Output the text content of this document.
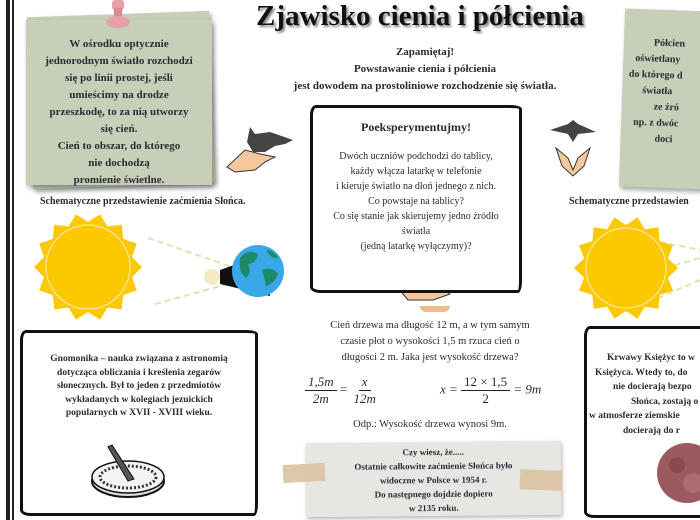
Zjawisko cienia i półcienia
W ośrodku optycznie
jednorodnym światło rozchodzi
się po linii prostej, jeśli
umieścimy na drodze
przeszkodę, to za nią utworzy
się cień.
Cień to obszar, do którego
nie dochodzą
promienie świetlne.
Półcien
oświetlany
do którego d
światła
ze źró
np. z dwóc
doci
Zapamiętaj!
Powstawanie cienia i półcienia
jest dowodem na prostoliniowe rozchodzenie się światła.
Poeksperymentujmy!
Dwóch uczniów podchodzi do tablicy,
każdy włącza latarkę w telefonie
i kieruje światło na dłoń jednego z nich.
Co powstaje na tablicy?
Co się stanie jak skierujemy jedno źródło
światła
(jedną latarkę wyłączymy)?
Schematyczne przedstawienie zaćmienia Słońca.	Schematyczne przedstawien
Gnomonika – nauka związana z astronomią
dotycząca obliczania i kreślenia zegarów
słonecznych. Był to jeden z przedmiotów
wykładanych w kolegiach jezuickich
popularnych w XVII - XVIII wieku.
Cień drzewa ma długość 12 m, a w tym samym
czasie płot o wysokości 1,5 m rzuca cień o
długości 2 m. Jaka jest wysokość drzewa?
$\frac{1,5m}{2m} = \frac{x}{12m}$	$x = \frac{12 \times 1,5}{2} = 9m$
Odp.: Wysokość drzewa wynosi 9m.
Czy wiesz, że.....
Ostatnie całkowite zaćmienie Słońca było
widoczne w Polsce w 1954 r.
Do następnego dojdzie dopiero
w 2135 roku.
Krwawy Księżyc to w
Księżyca. Wtedy to, do
nie docierają bezpo
Słońca, zostają o
w atmosferze ziemskie
docierają do r
